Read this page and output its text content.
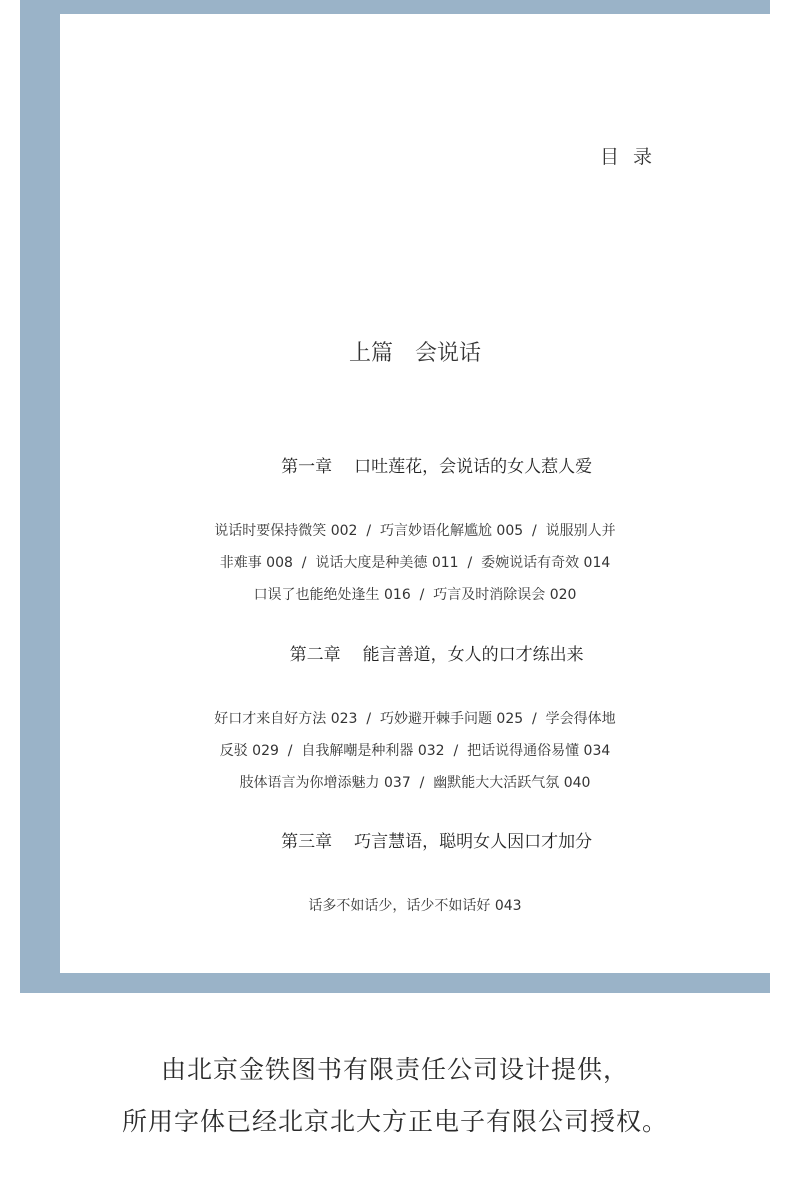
目 录
上篇　会说话

第一章 口吐莲花，会说话的女人惹人爱

说话时要保持微笑 002  /  巧言妙语化解尴尬 005  /  说服别人并
非难事 008  /  说话大度是种美德 011  /  委婉说话有奇效 014
口误了也能绝处逢生 016  /  巧言及时消除误会 020

第二章 能言善道，女人的口才练出来

好口才来自好方法 023  /  巧妙避开棘手问题 025  /  学会得体地
反驳 029  /  自我解嘲是种利器 032  /  把话说得通俗易懂 034
肢体语言为你增添魅力 037  /  幽默能大大活跃气氛 040

第三章 巧言慧语，聪明女人因口才加分

话多不如话少，话少不如话好 043
由北京金铁图书有限责任公司设计提供，
所用字体已经北京北大方正电子有限公司授权。
